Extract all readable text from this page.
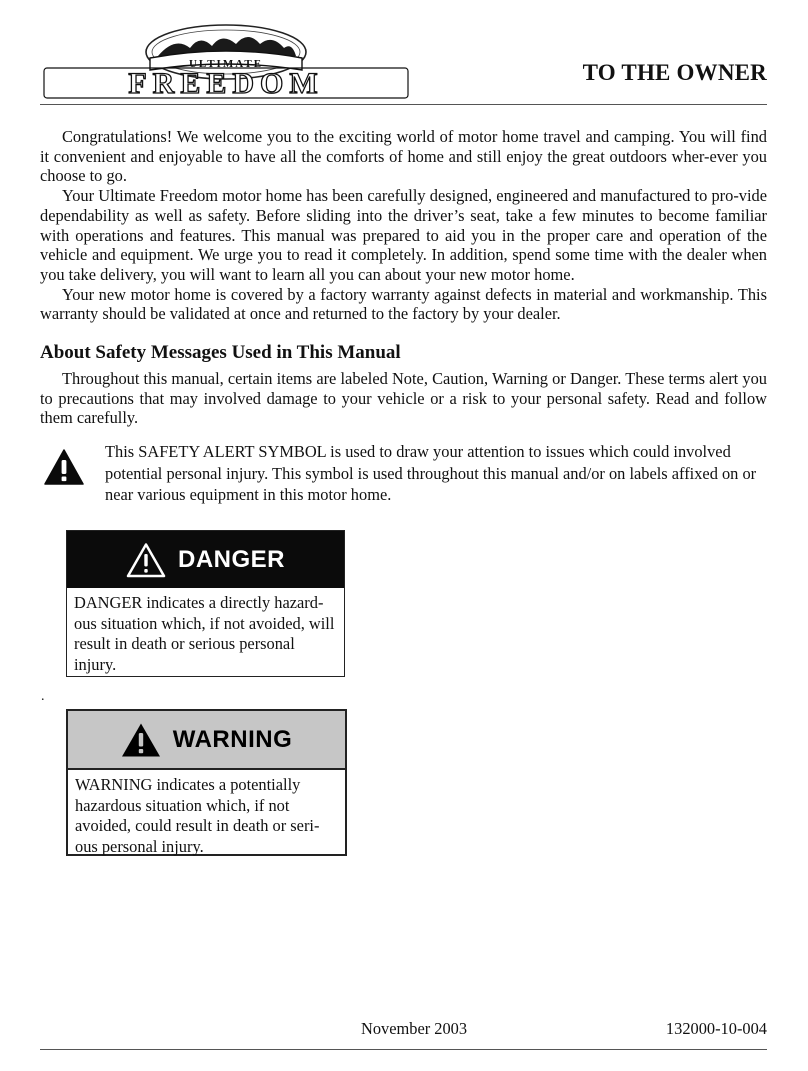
ULTIMATE
FREEDOM	TO THE OWNER

Congratulations! We welcome you to the exciting world of motor home travel and camping. You will find it convenient and enjoyable to have all the comforts of home and still enjoy the great outdoors wher-ever you choose to go.

Your Ultimate Freedom motor home has been carefully designed, engineered and manufactured to pro-vide dependability as well as safety. Before sliding into the driver’s seat, take a few minutes to become familiar with operations and features. This manual was prepared to aid you in the proper care and operation of the vehicle and equipment. We urge you to read it completely. In addition, spend some time with the dealer when you take delivery, you will want to learn all you can about your new motor home.

Your new motor home is covered by a factory warranty against defects in material and workmanship. This warranty should be validated at once and returned to the factory by your dealer.

About Safety Messages Used in This Manual

Throughout this manual, certain items are labeled Note, Caution, Warning or Danger. These terms alert you to precautions that may involved damage to your vehicle or a risk to your personal safety. Read and follow them carefully.

This SAFETY ALERT SYMBOL is used to draw your attention to issues which could involved potential personal injury. This symbol is used throughout this manual and/or on labels affixed on or near various equipment in this motor home.
DANGER
DANGER indicates a directly hazard-ous situation which, if not avoided, will result in death or serious personal injury.
.
WARNING
WARNING indicates a potentially hazardous situation which, if not avoided, could result in death or seri-ous personal injury.
November 2003	132000-10-004
